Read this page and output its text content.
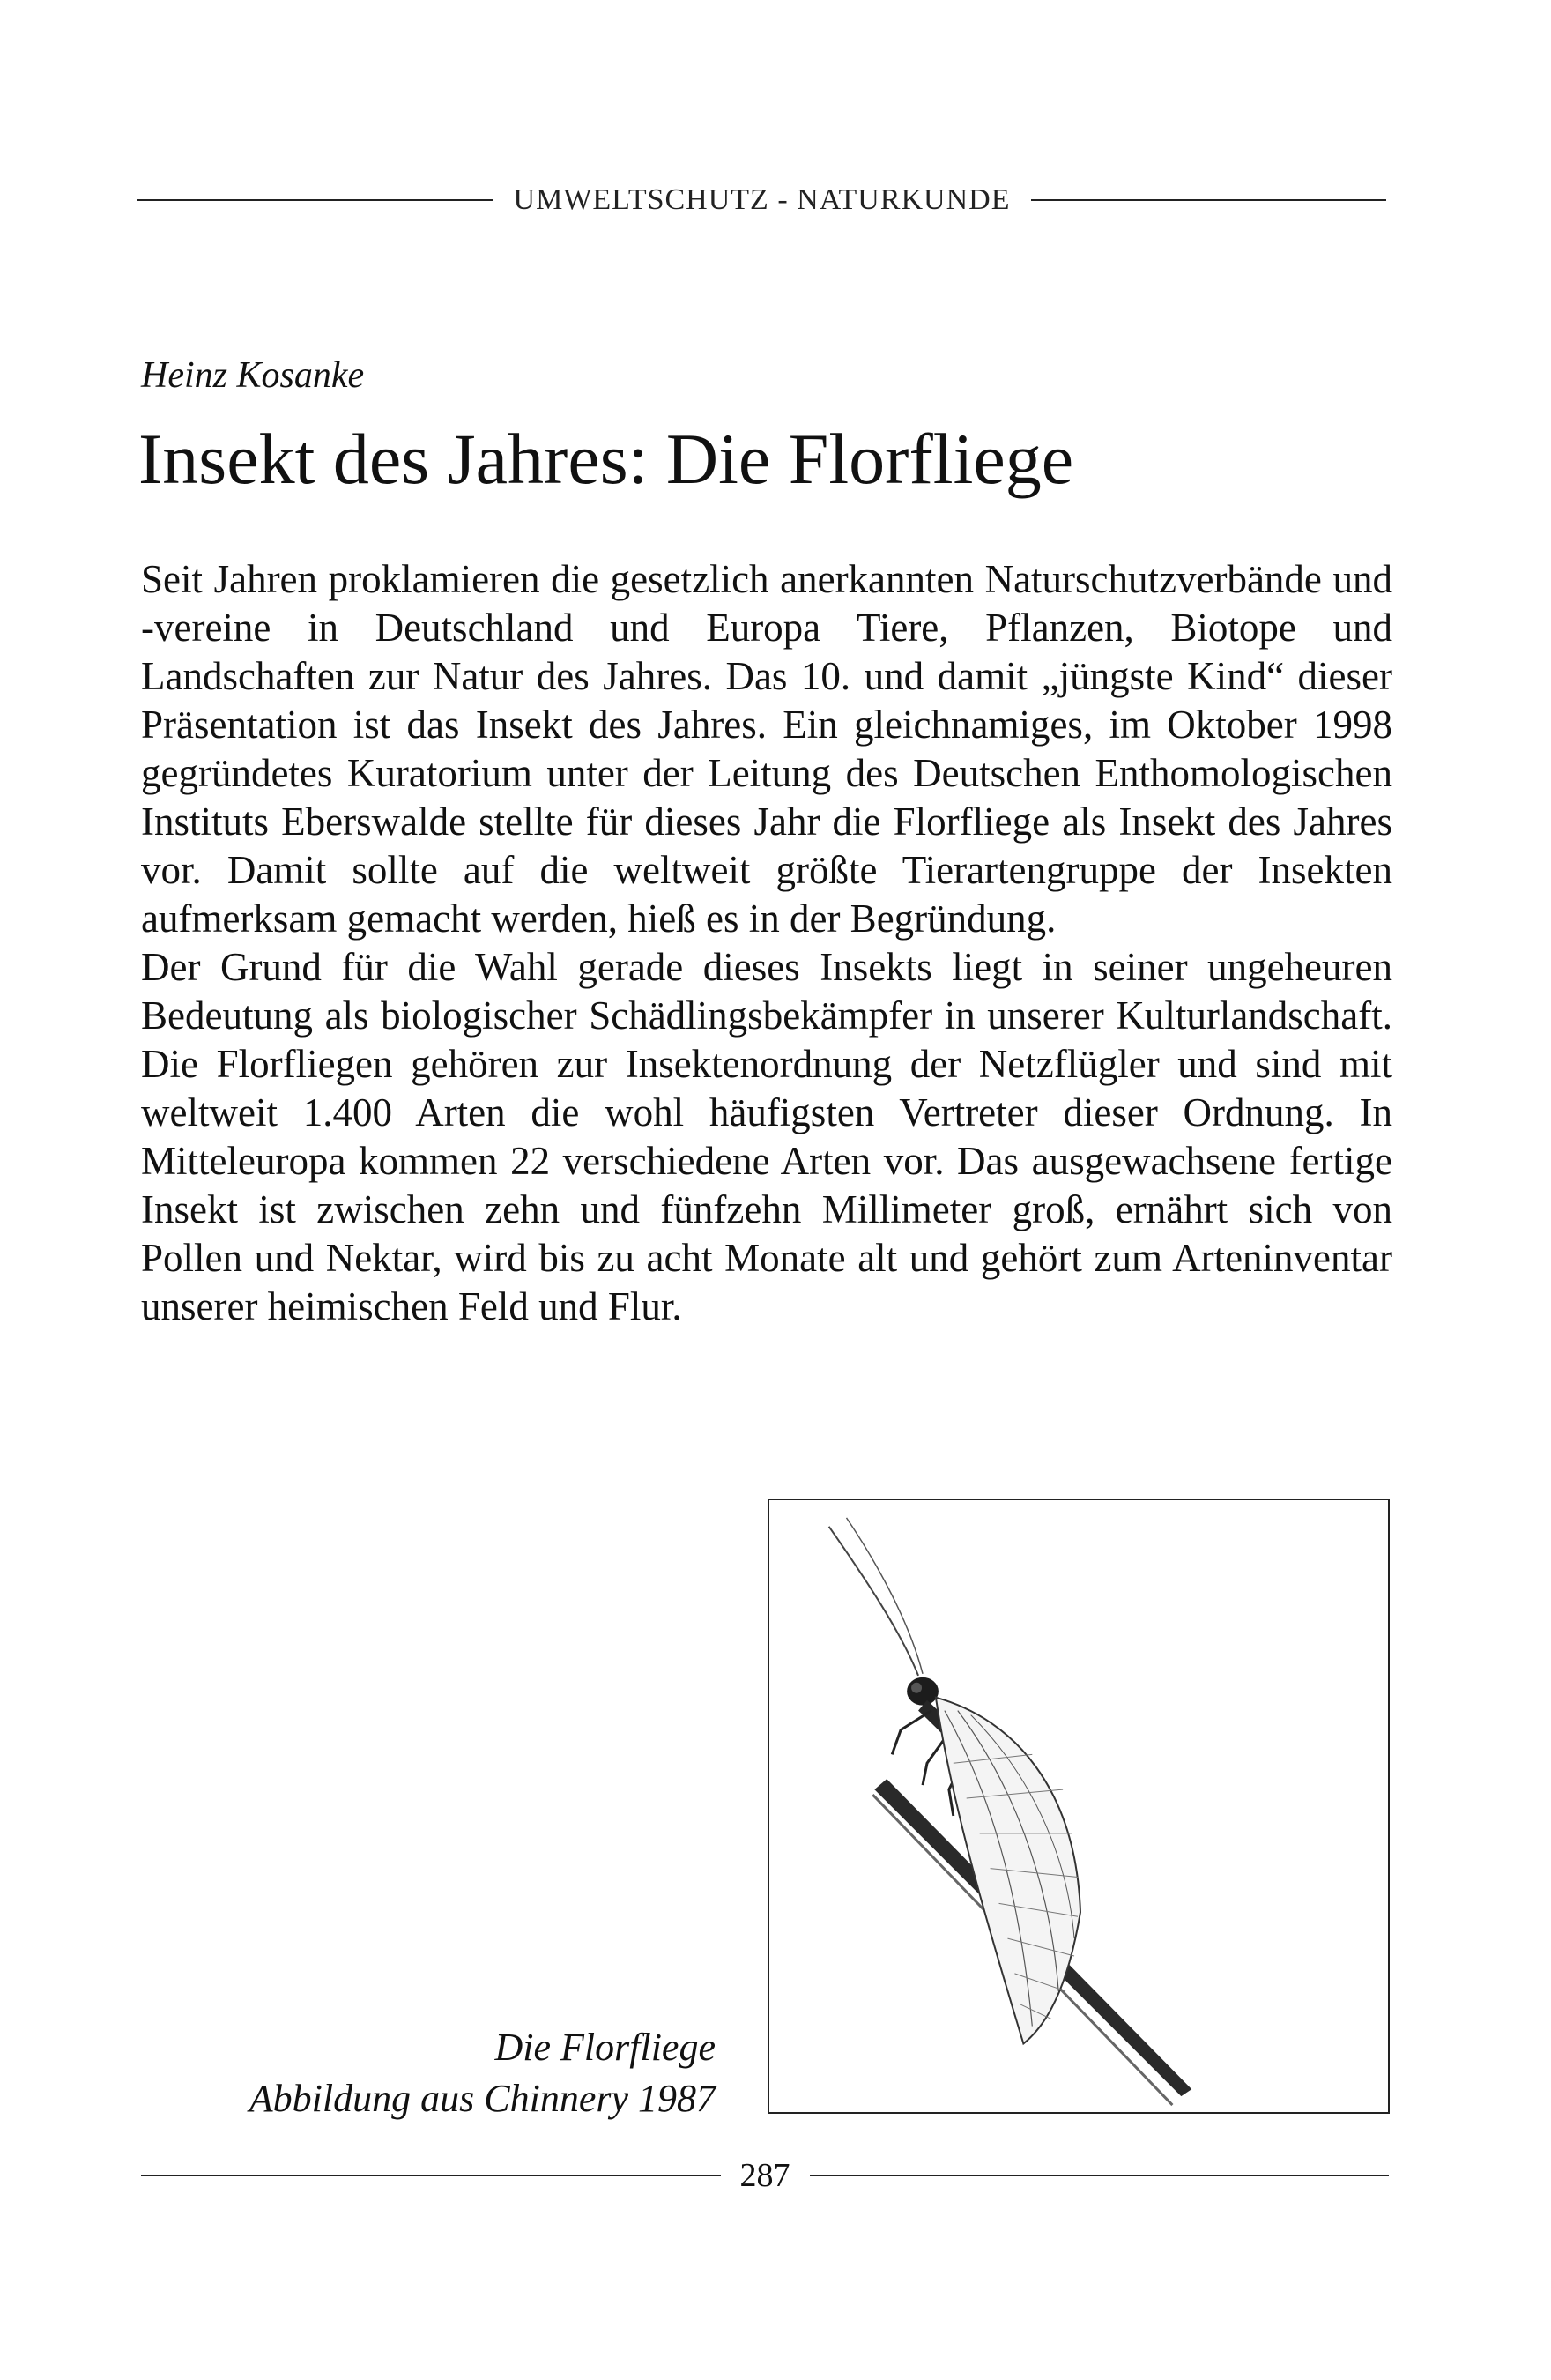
UMWELTSCHUTZ - NATURKUNDE
Heinz Kosanke
Insekt des Jahres: Die Florfliege

Seit Jahren proklamieren die gesetzlich anerkannten Naturschutzverbände und -vereine in Deutschland und Europa Tiere, Pflanzen, Biotope und Landschaften zur Natur des Jahres. Das 10. und damit „jüngste Kind“ dieser Präsentation ist das Insekt des Jahres. Ein gleichnamiges, im Oktober 1998 gegründetes Kuratorium unter der Leitung des Deutschen Enthomologischen Instituts Eberswalde stellte für dieses Jahr die Florfliege als Insekt des Jahres vor. Damit sollte auf die weltweit größte Tierartengruppe der Insekten aufmerksam gemacht werden, hieß es in der Begründung.

Der Grund für die Wahl gerade dieses Insekts liegt in seiner ungeheuren Bedeutung als biologischer Schädlingsbekämpfer in unserer Kulturlandschaft. Die Florfliegen gehören zur Insektenordnung der Netzflügler und sind mit weltweit 1.400 Arten die wohl häufigsten Vertreter dieser Ordnung. In Mitteleuropa kommen 22 verschiedene Arten vor. Das ausgewachsene fertige Insekt ist zwischen zehn und fünfzehn Millimeter groß, ernährt sich von Pollen und Nektar, wird bis zu acht Monate alt und gehört zum Arteninventar unserer heimischen Feld und Flur.

Die Florfliege
Abbildung aus Chinnery 1987
287
